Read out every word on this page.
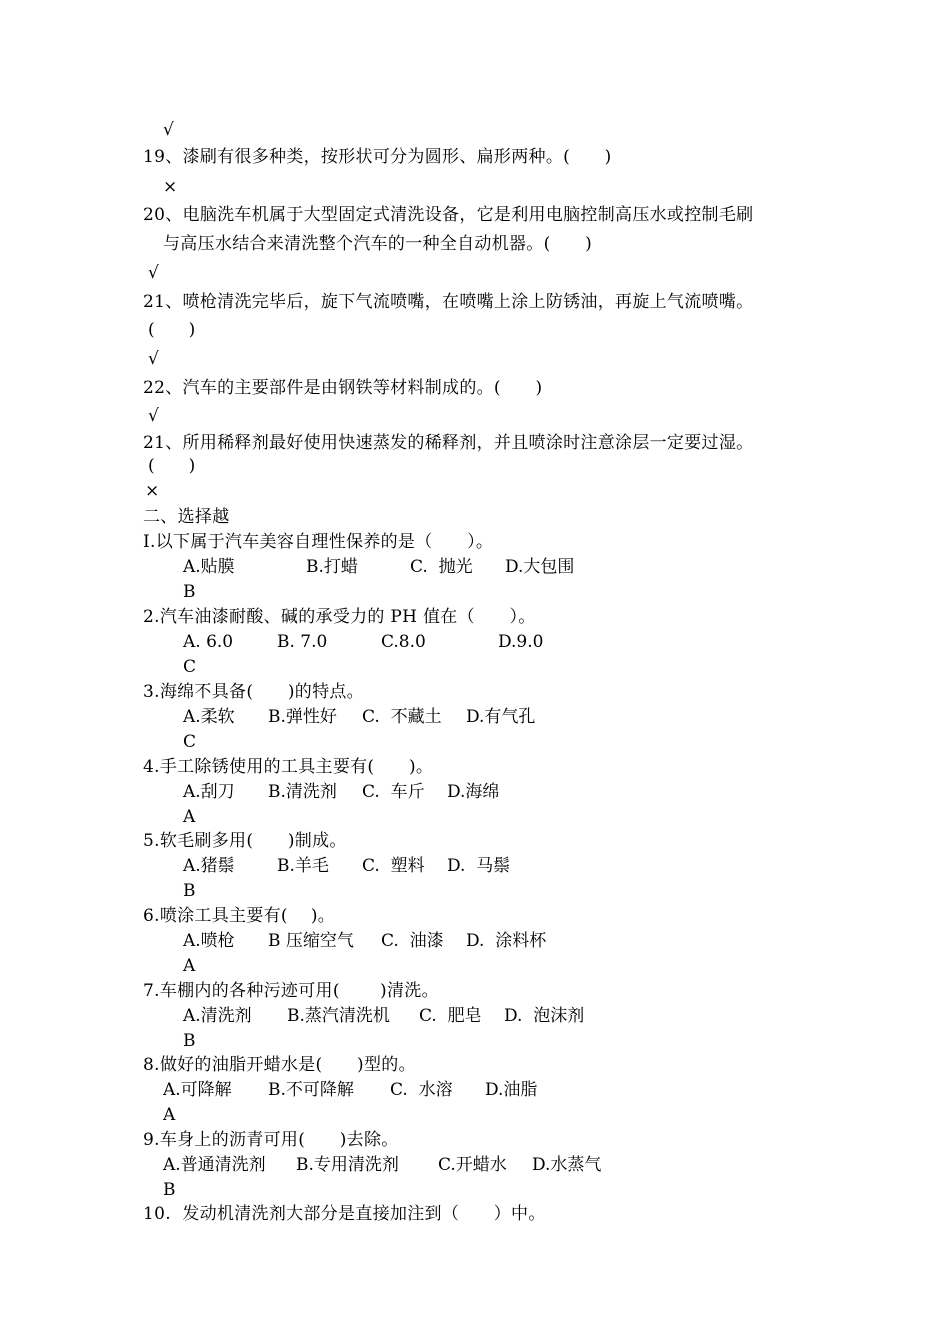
√
19、漆刷有很多种类，按形状可分为圆形、扁形两种。(　　)
×
20、电脑洗车机属于大型固定式清洗设备，它是利用电脑控制高压水或控制毛刷
与高压水结合来清洗整个汽车的一种全自动机器。(　　)
√
21、喷枪清洗完毕后，旋下气流喷嘴，在喷嘴上涂上防锈油，再旋上气流喷嘴。
(　　)
√
22、汽车的主要部件是由钢铁等材料制成的。(　　)
√
21、所用稀释剂最好使用快速蒸发的稀释剂，并且喷涂时注意涂层一定要过湿。
(　　)
×
二、选择越
I.以下属于汽车美容自理性保养的是（　　）。
A.贴膜	B.打蜡	C.  抛光 D.大包围
B
2.汽车油漆耐酸、碱的承受力的 PH 值在（　　）。
A. 6.0	B. 7.0	C.8.0	D.9.0
C
3.海绵不具备(　　)的特点。
A.柔软 B.弹性好 C.  不藏土 D.有气孔
C
4.手工除锈使用的工具主要有(　　)。
A.刮刀 B.清洗剂 C.  车斤 D.海绵
A
5.软毛刷多用(　　)制成。
A.猪鬃 B.羊毛 C.  塑料 D.  马鬃
B
6.喷涂工具主要有(　 )。
A.喷枪 B 压缩空气 C.  油漆 D.  涂料杯
A
7.车棚内的各种污迹可用(　　 )清洗。
A.清洗剂 B.蒸汽清洗机 C.  肥皂 D.  泡沫剂
B
8.做好的油脂开蜡水是(　　)型的。
A.可降解 B.不可降解 C.  水溶 D.油脂
A
9.车身上的沥青可用(　　)去除。
A.普通清洗剂 B.专用清洗剂 C.开蜡水 D.水蒸气
B
10.  发动机清洗剂大部分是直接加注到（　　）中。
